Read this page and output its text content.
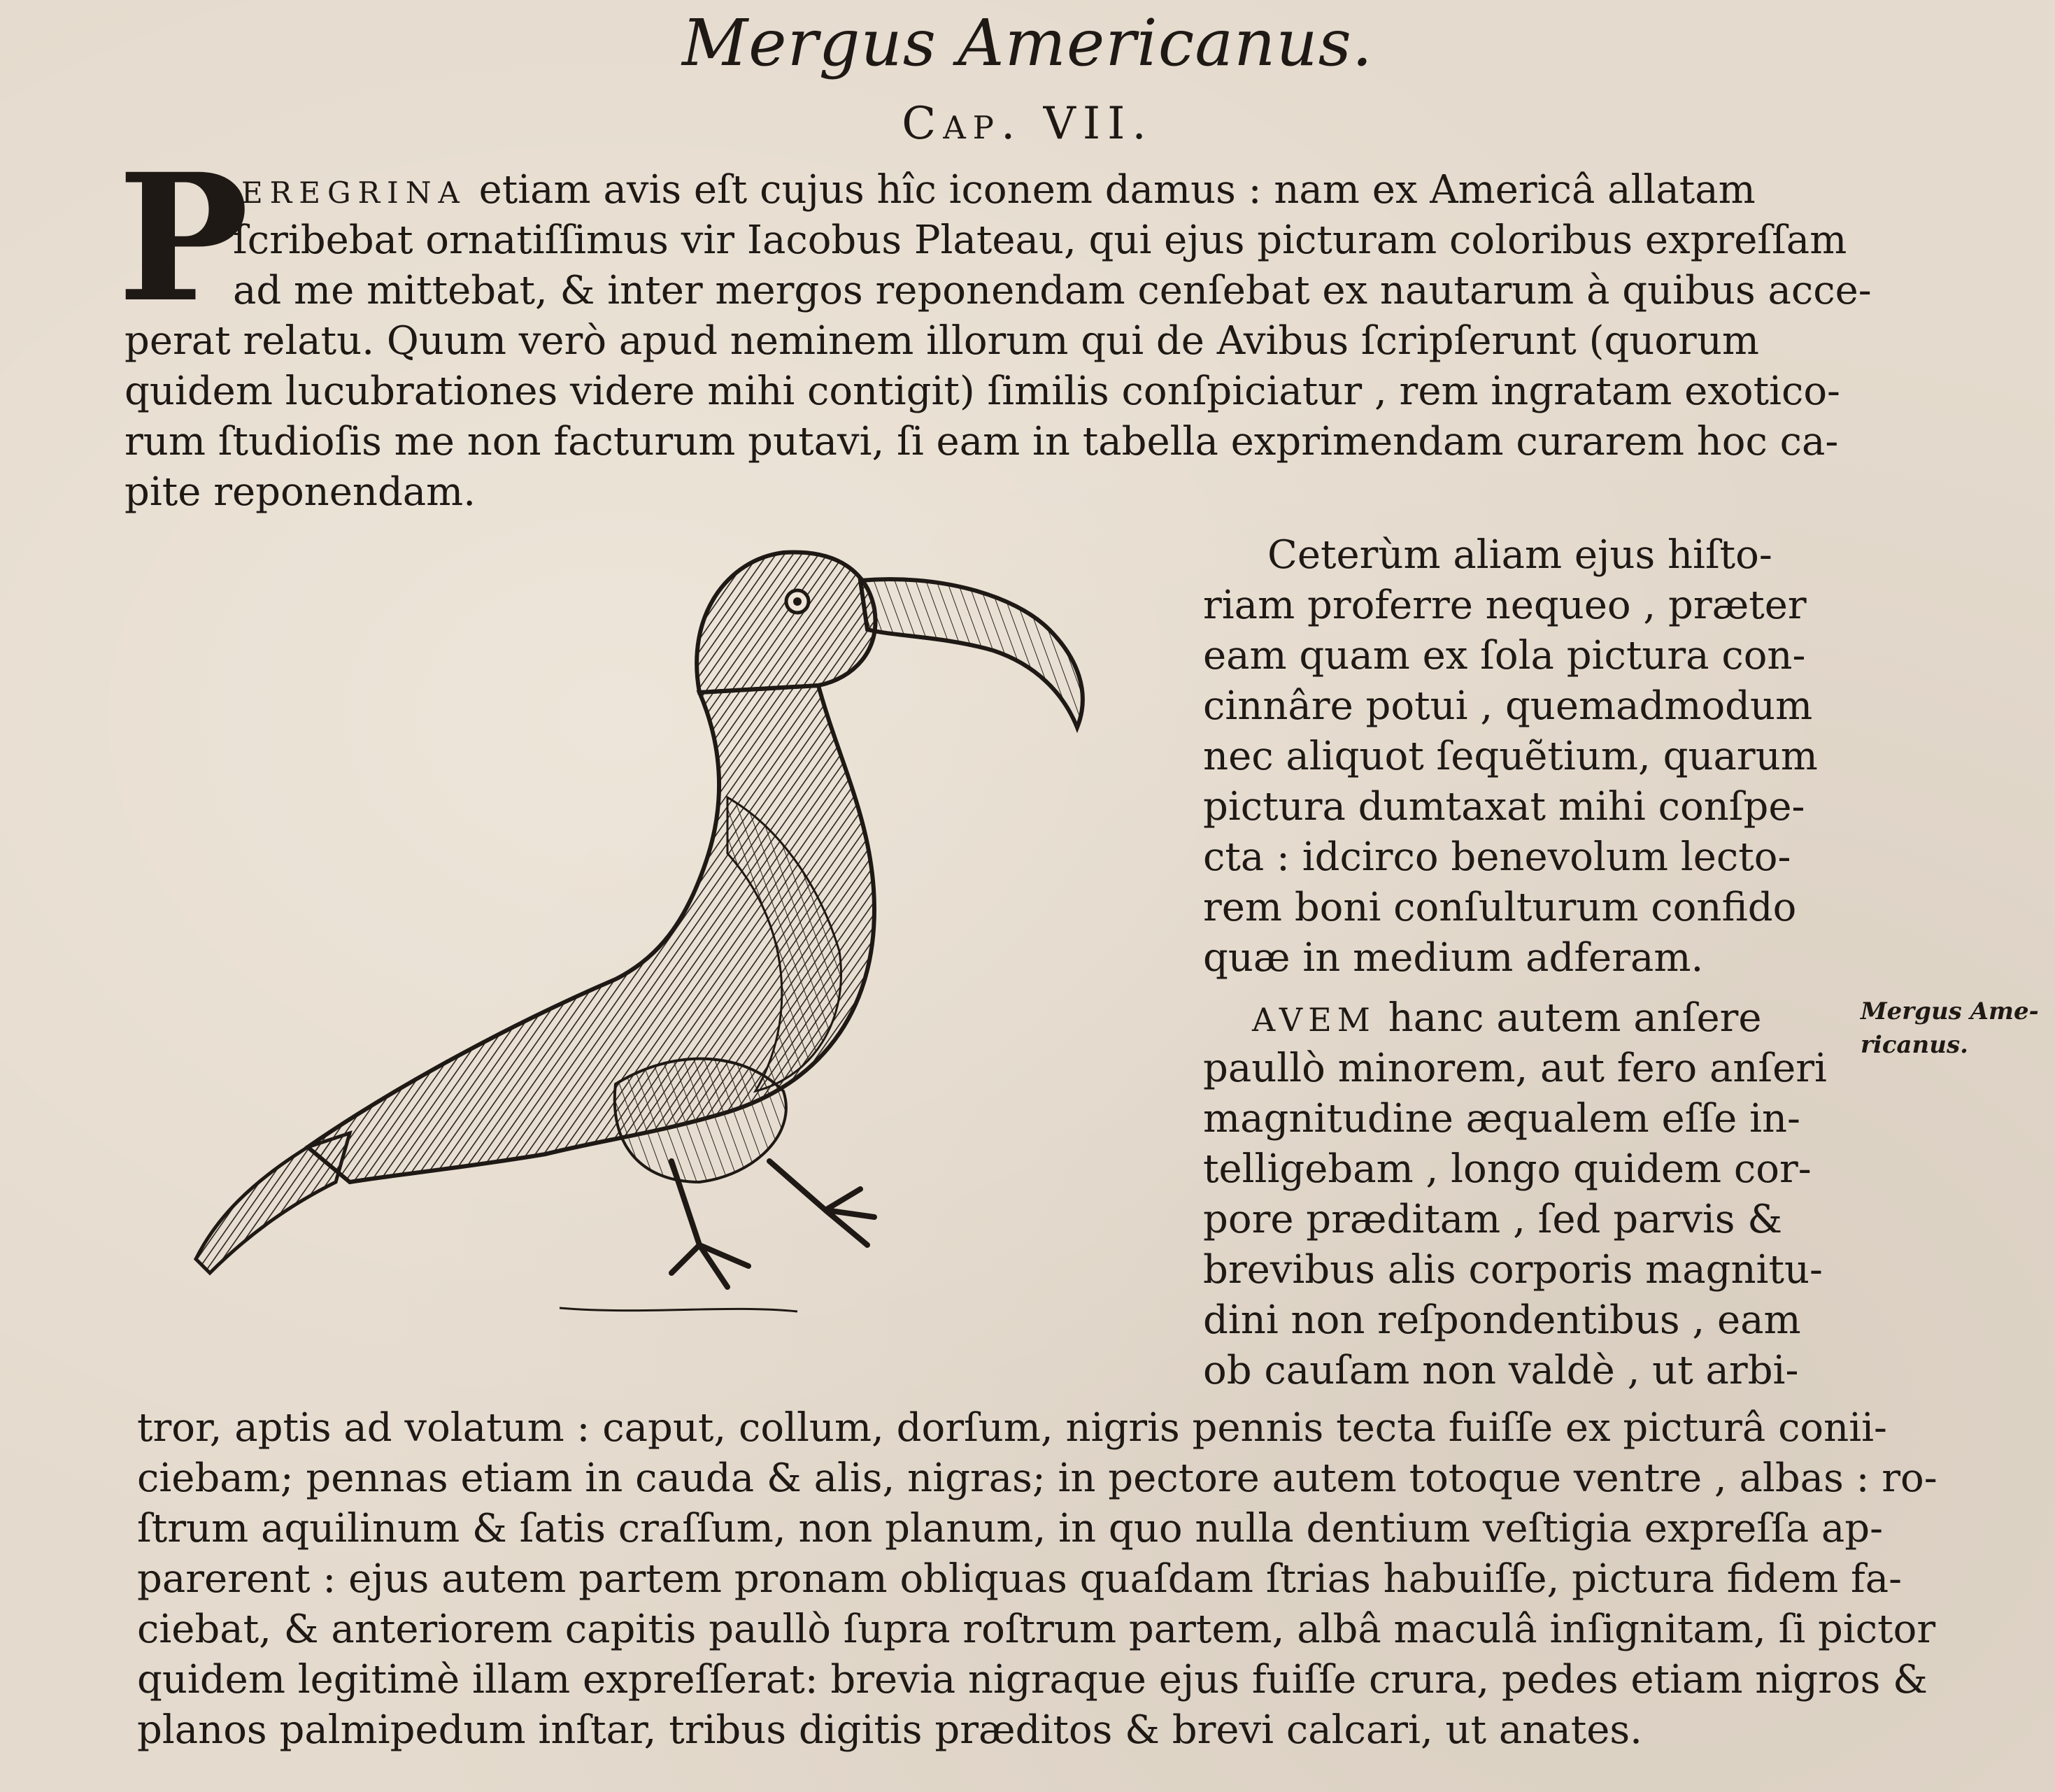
Mergus Americanus.
Cap. VII.
P
EREGRINA etiam avis eſt cujus hîc iconem damus : nam ex Americâ allatam
ſcribebat ornatiſſimus vir Iacobus Plateau, qui ejus picturam coloribus expreſſam
ad me mittebat, & inter mergos reponendam cenſebat ex nautarum à quibus acce-
perat relatu. Quum verò apud neminem illorum qui de Avibus ſcripſerunt (quorum
quidem lucubrationes videre mihi contigit) ſimilis conſpiciatur , rem ingratam exotico-
rum ſtudioſis me non facturum putavi, ſi eam in tabella exprimendam curarem hoc ca-
pite reponendam.
Ceterùm aliam ejus hiſto-
riam proferre nequeo , præter
eam quam ex ſola pictura con-
cinnâre potui , quemadmodum
nec aliquot ſequẽtium, quarum
pictura dumtaxat mihi conſpe-
cta : idcirco benevolum lecto-
rem boni conſulturum confido
quæ in medium adferam.
AVEM hanc autem anſere
paullò minorem, aut fero anſeri
magnitudine æqualem eſſe in-
telligebam , longo quidem cor-
pore præditam , ſed parvis &
brevibus alis corporis magnitu-
dini non reſpondentibus , eam
ob cauſam non valdè , ut arbi-
tror, aptis ad volatum : caput, collum, dorſum, nigris pennis tecta fuiſſe ex picturâ conii-
ciebam; pennas etiam in cauda & alis, nigras; in pectore autem totoque ventre , albas : ro-
ſtrum aquilinum & ſatis craſſum, non planum, in quo nulla dentium veſtigia expreſſa ap-
parerent : ejus autem partem pronam obliquas quaſdam ſtrias habuiſſe, pictura fidem fa-
ciebat, & anteriorem capitis paullò ſupra roſtrum partem, albâ maculâ inſignitam, ſi pictor
quidem legitimè illam expreſſerat: brevia nigraque ejus fuiſſe crura, pedes etiam nigros &
planos palmipedum inſtar, tribus digitis præditos & brevi calcari, ut anates.
Mergus Ame-
ricanus.
